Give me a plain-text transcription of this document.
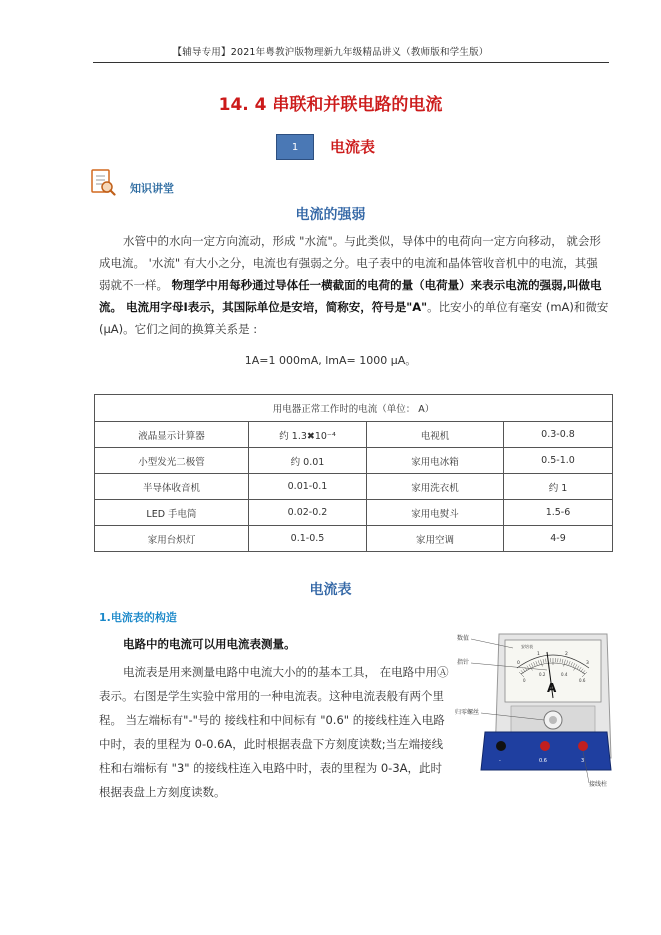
【辅导专用】2021年粤教沪版物理新九年级精品讲义（教师版和学生版）
14. 4 串联和并联电路的电流
1	电流表
知识讲堂
电流的强弱

水管中的水向一定方向流动，形成 "水流"。与此类似，导体中的电荷向一定方向移动， 就会形成电流。 '水流" 有大小之分，电流也有强弱之分。电子表中的电流和晶体管收音机中的电流，其强弱就不一样。 物理学中用每秒通过导体任一横截面的电荷的量（电荷量）来表示电流的强弱,叫做电流。 电流用字母I表示，其国际单位是安培，简称安，符号是"A"。比安小的单位有毫安 (mA)和微安(μA)。它们之间的换算关系是 :

1A=1 000mA, lmA= 1000 μA。
用电器正常工作时的电流（单位： A）			
液晶显示计算器	约 1.3✖10⁻⁴	电视机	0.3-0.8
小型发光二极管	约 0.01	家用电冰箱	0.5-1.0
半导体收音机	0.01-0.1	家用洗衣机	约 1
LED 手电筒	0.02-0.2	家用电熨斗	1.5-6
家用台炽灯	0.1-0.5	家用空调	4-9
电流表
1.电流表的构造

电路中的电流可以用电流表测量。

电流表是用来测量电路中电流大小的的基本工具， 在电路中用Ⓐ表示。右图是学生实验中常用的一种电流表。这种电流表般有两个里程。 当左端标有"-"号的 接线柱和中间标有 "0.6" 的接线柱连入电路中时，表的里程为 0-0.6A，此时根据表盘下方刻度读数;当左端接线柱和右端标有 "3" 的接线柱连入电路中时，表的里程为 0-3A，此时根据表盘上方刻度读数。

安培表
0
1	2
3
0
0.2	0.4
0.6
A
-	0.6	3
数值
指针
归零螺丝
接线柱
